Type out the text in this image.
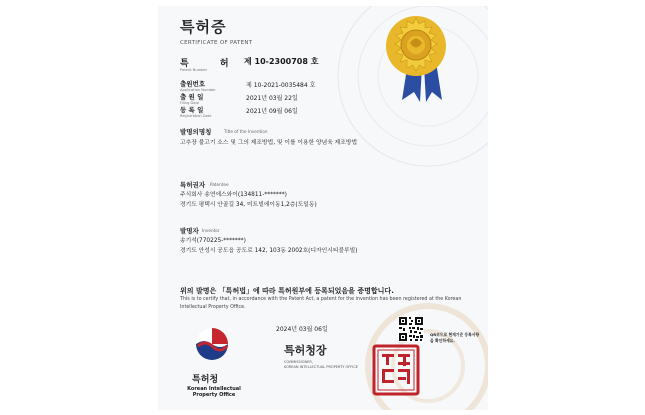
특허증
CERTIFICATE OF PATENT
특 허 제 10-2300708 호
Patent Number
출원번호
Application Number
제 10-2021-0035484 호
출 원 일
Filing Date
2021년 03월 22일
등 록 일
Registration Date
2021년 09월 06일
발명의명칭	Title of the Invention
고추장 불고기 소스 및 그의 제조방법, 및 이를 이용한 양념육 제조방법
특허권자 Patentee
주식회사 송연에스와이(134811-*******)
경기도 평택시 안골길 34, 미트빌에이동1,2층(도일동)
발명자 Inventor
송기석(770225-*******)
경기도 안성시 공도읍 공도로 142, 103동 2002호(디자인시티블루빌)
위의 발명은 「특허법」에 따라 특허원부에 등록되었음을 증명합니다.
This is to certify that, in accordance with the Patent Act, a patent for the invention has been registered at the Korean Intellectual Property Office.
특허청
Korean Intellectual Property Office
2024년 03월 06일
특허청장
COMMISSIONER,
KOREAN INTELLECTUAL PROPERTY OFFICE
QR코드로 현재기준 등록사항을 확인하세요.
